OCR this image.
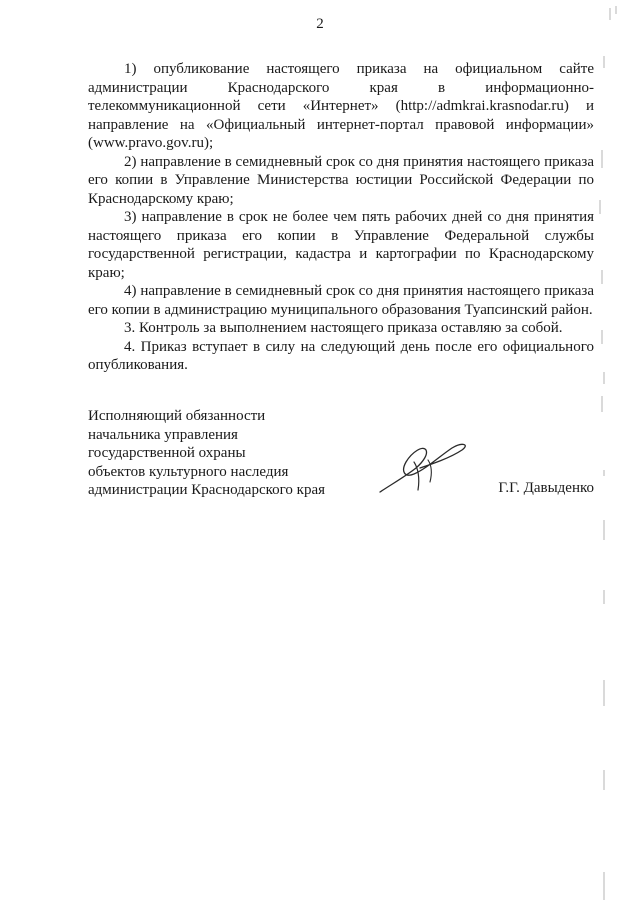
2

1) опубликование настоящего приказа на официальном сайте администрации Краснодарского края в информационно-телекоммуникационной сети «Интернет» (http://admkrai.krasnodar.ru) и направление на «Официальный интернет-портал правовой информации» (www.pravo.gov.ru);

2) направление в семидневный срок со дня принятия настоящего приказа его копии в Управление Министерства юстиции Российской Федерации по Краснодарскому краю;

3) направление в срок не более чем пять рабочих дней со дня принятия настоящего приказа его копии в Управление Федеральной службы государственной регистрации, кадастра и картографии по Краснодарскому краю;

4) направление в семидневный срок со дня принятия настоящего приказа его копии в администрацию муниципального образования Туапсинский район.

3. Контроль за выполнением настоящего приказа оставляю за собой.

4. Приказ вступает в силу на следующий день после его официального опубликования.

Исполняющий обязанности
начальника управления
государственной охраны
объектов культурного наследия
администрации Краснодарского края	Г.Г. Давыденко
